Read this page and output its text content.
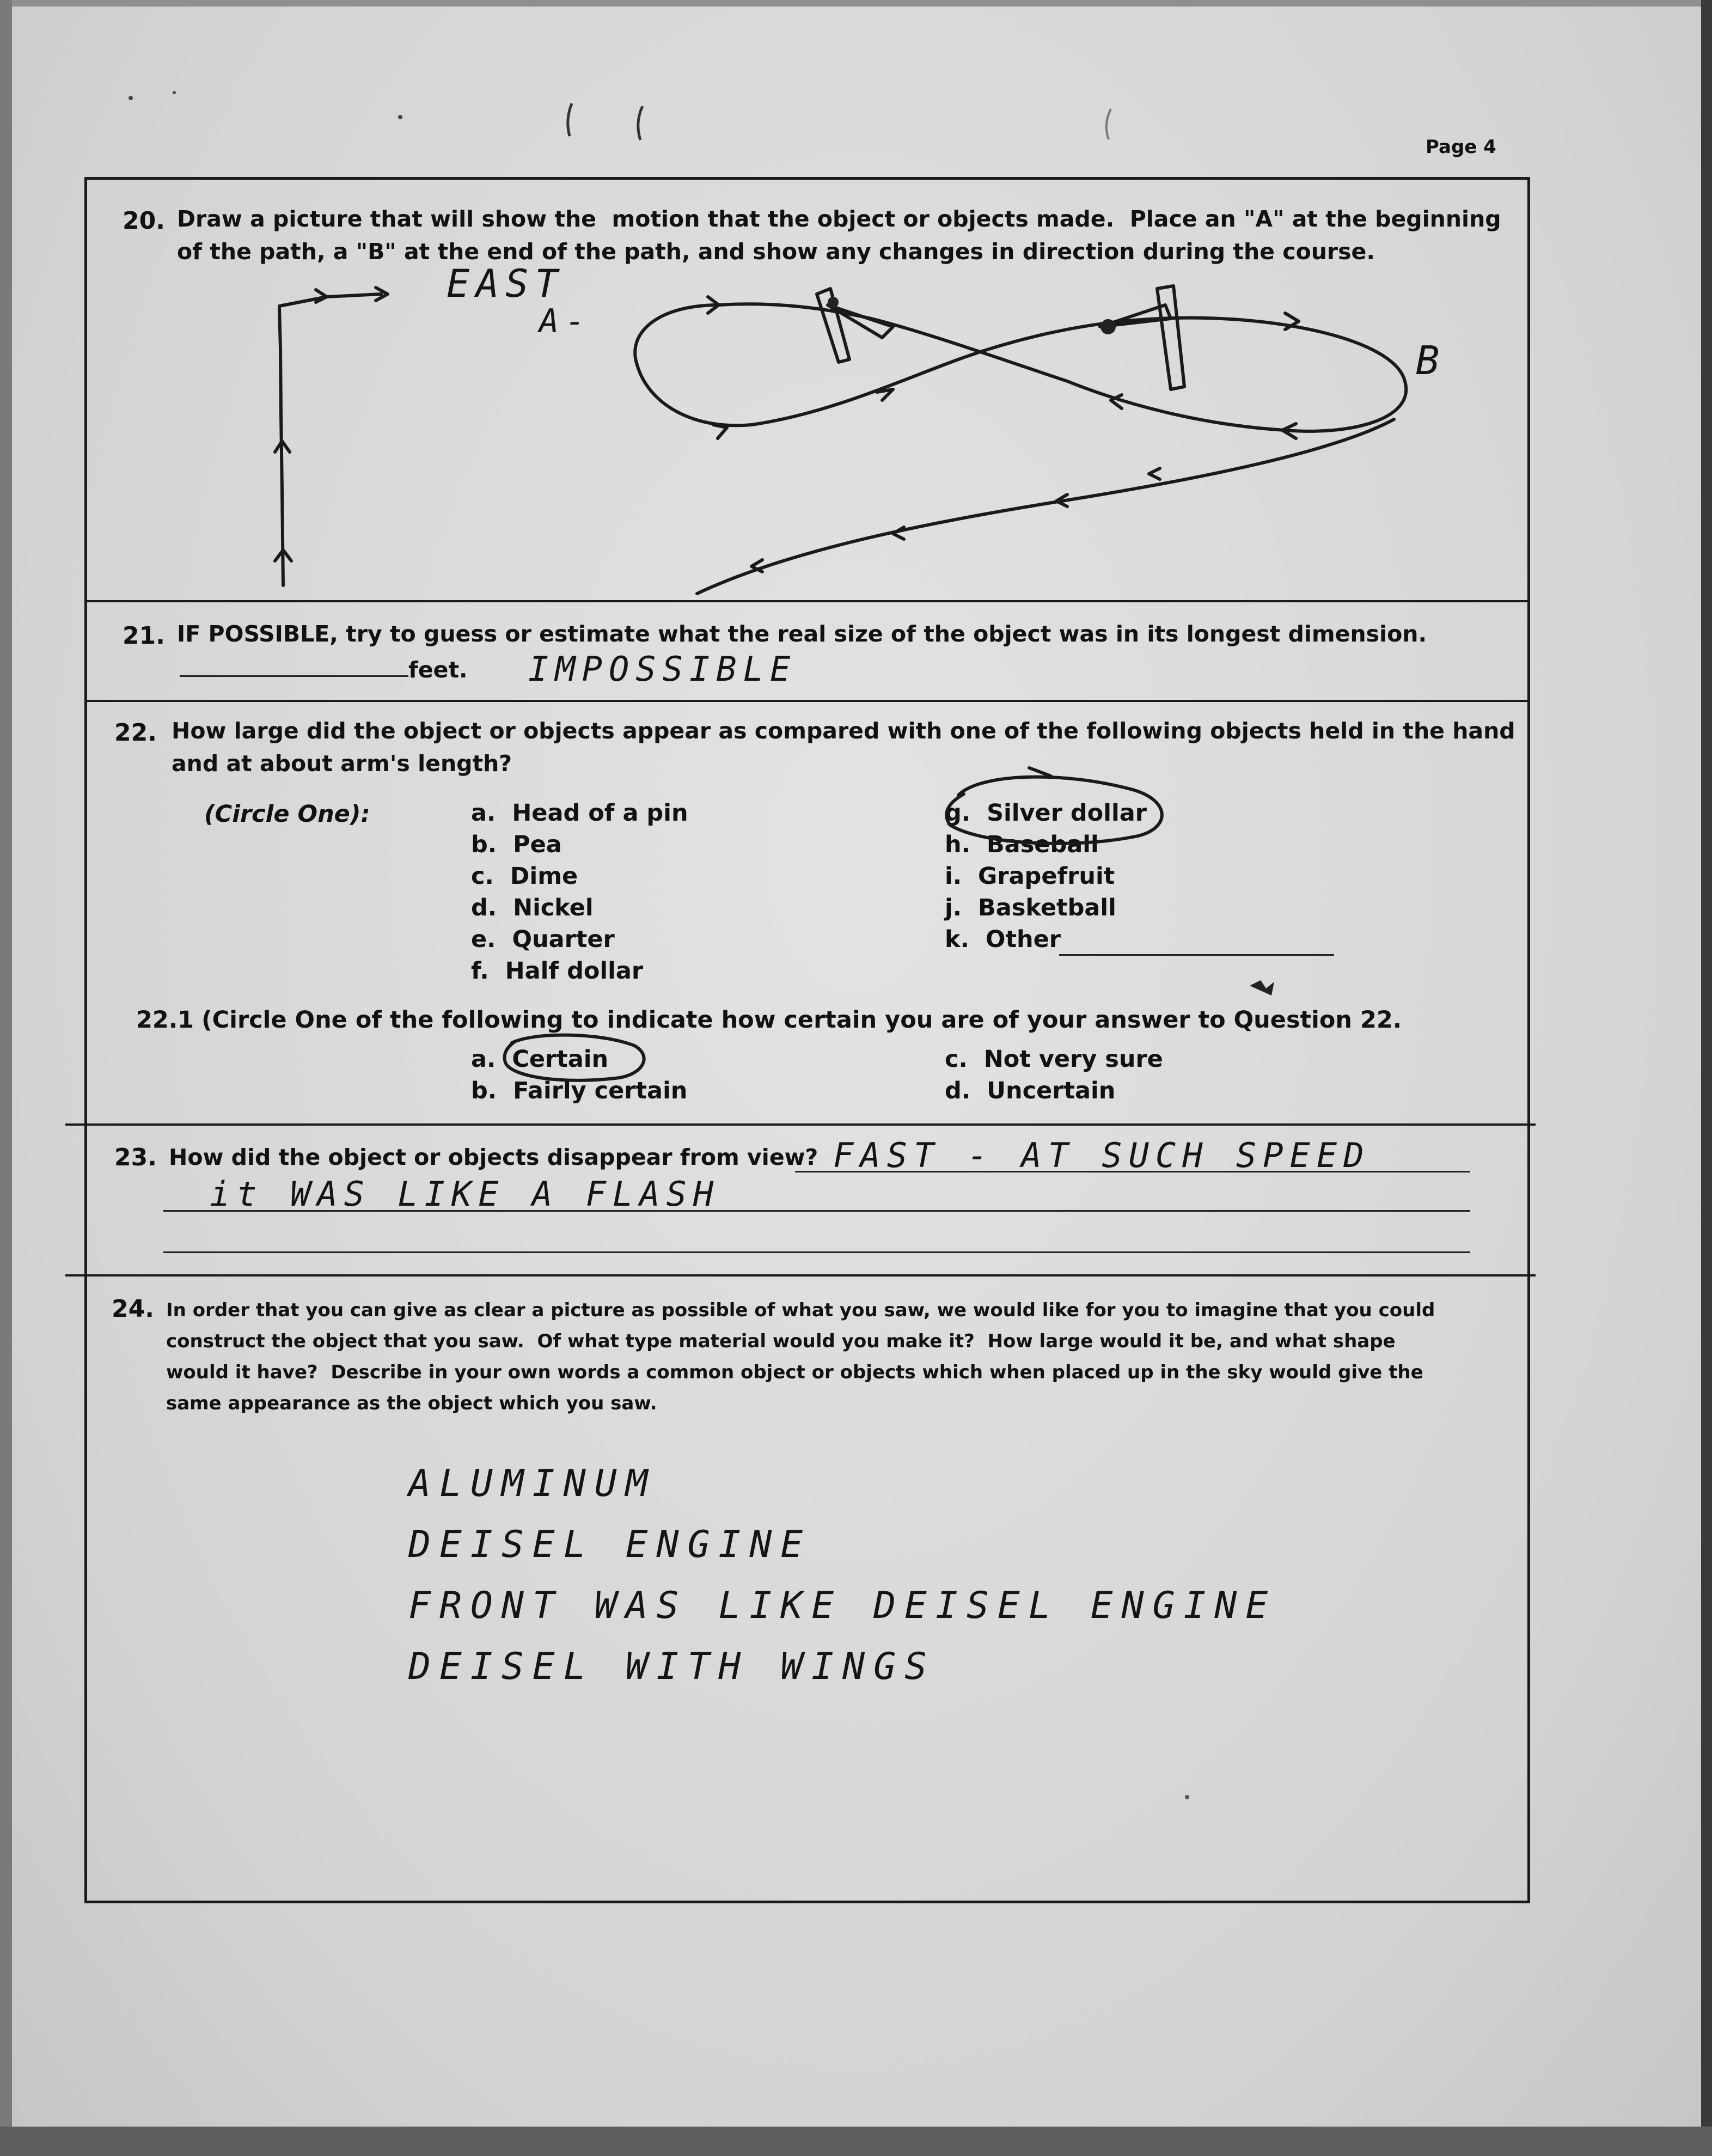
Page 4
20. Draw a picture that will show the  motion that the object or objects made.  Place an "A" at the beginning
of the path, a "B" at the end of the path, and show any changes in direction during the course.
EAST
A-
B
21. IF POSSIBLE, try to guess or estimate what the real size of the object was in its longest dimension.
feet. IMPOSSIBLE
22. How large did the object or objects appear as compared with one of the following objects held in the hand
and at about arm's length?
(Circle One):	a. Head of a pin
b. Pea
c. Dime
d. Nickel
e. Quarter
f. Half dollar
g. Silver dollar
h. Baseball
i. Grapefruit
j. Basketball
k. Other
22.1 (Circle One of the following to indicate how certain you are of your answer to Question 22.
a. Certain
b. Fairly certain
c. Not very sure
d. Uncertain
23. How did the object or objects disappear from view? FAST - AT SUCH SPEED
it WAS LIKE A FLASH
24. In order that you can give as clear a picture as possible of what you saw, we would like for you to imagine that you could
construct the object that you saw.  Of what type material would you make it?  How large would it be, and what shape
would it have?  Describe in your own words a common object or objects which when placed up in the sky would give the
same appearance as the object which you saw.
ALUMINUM
DEISEL ENGINE
FRONT WAS LIKE DEISEL ENGINE
DEISEL WITH WINGS
